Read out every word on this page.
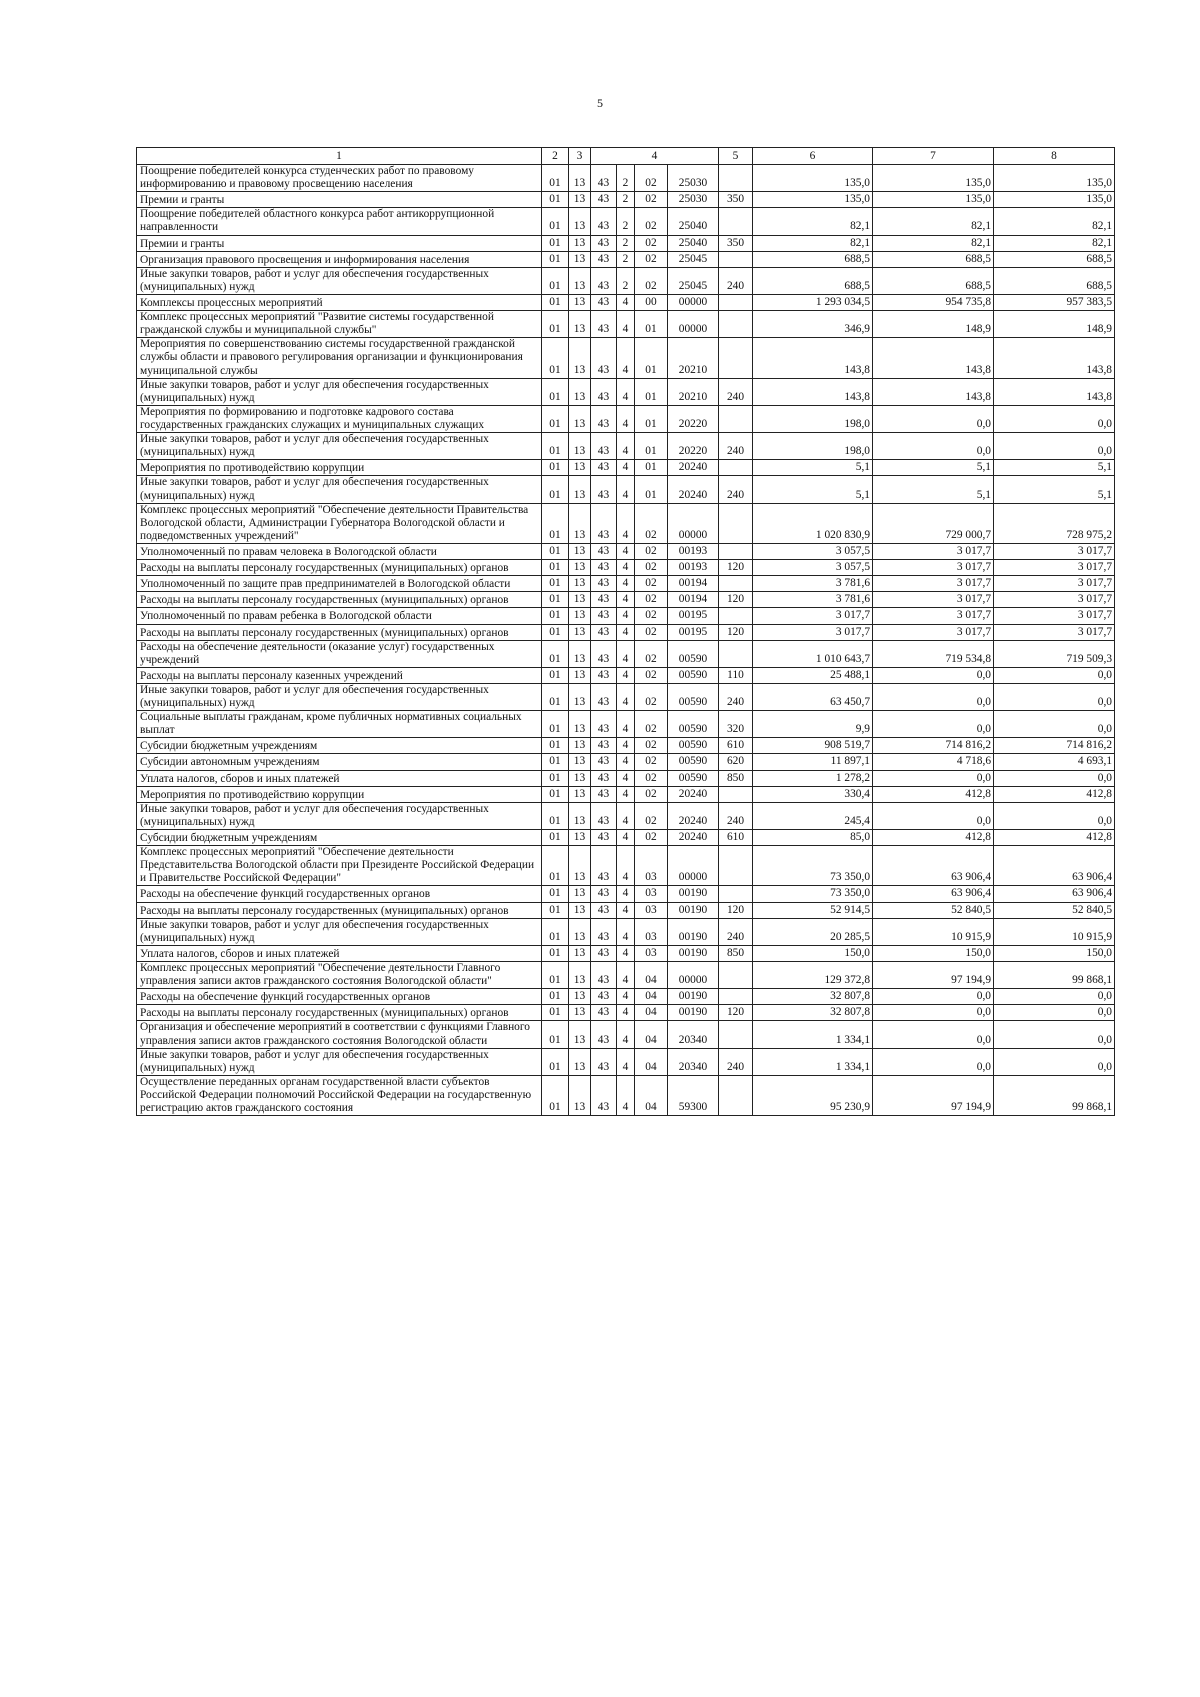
5
1	2	3	4				5	6	7	8
Поощрение победителей конкурса студенческих работ по правовому информированию и правовому просвещению населения	01	13	43	2	02	25030		135,0	135,0	135,0
Премии и гранты	01	13	43	2	02	25030	350	135,0	135,0	135,0
Поощрение победителей областного конкурса работ антикоррупционной направленности	01	13	43	2	02	25040		82,1	82,1	82,1
Премии и гранты	01	13	43	2	02	25040	350	82,1	82,1	82,1
Организация правового просвещения и информирования населения	01	13	43	2	02	25045		688,5	688,5	688,5
Иные закупки товаров, работ и услуг для обеспечения государственных (муниципальных) нужд	01	13	43	2	02	25045	240	688,5	688,5	688,5
Комплексы процессных мероприятий	01	13	43	4	00	00000		1 293 034,5	954 735,8	957 383,5
Комплекс процессных мероприятий "Развитие системы государственной гражданской службы и муниципальной службы"	01	13	43	4	01	00000		346,9	148,9	148,9
Мероприятия по совершенствованию системы государственной гражданской службы области и правового регулирования организации и функционирования муниципальной службы	01	13	43	4	01	20210		143,8	143,8	143,8
Иные закупки товаров, работ и услуг для обеспечения государственных (муниципальных) нужд	01	13	43	4	01	20210	240	143,8	143,8	143,8
Мероприятия по формированию и подготовке кадрового состава государственных гражданских служащих и муниципальных служащих	01	13	43	4	01	20220		198,0	0,0	0,0
Иные закупки товаров, работ и услуг для обеспечения государственных (муниципальных) нужд	01	13	43	4	01	20220	240	198,0	0,0	0,0
Мероприятия по противодействию коррупции	01	13	43	4	01	20240		5,1	5,1	5,1
Иные закупки товаров, работ и услуг для обеспечения государственных (муниципальных) нужд	01	13	43	4	01	20240	240	5,1	5,1	5,1
Комплекс процессных мероприятий "Обеспечение деятельности Правительства Вологодской области, Администрации Губернатора Вологодской области и подведомственных учреждений"	01	13	43	4	02	00000		1 020 830,9	729 000,7	728 975,2
Уполномоченный по правам человека в Вологодской области	01	13	43	4	02	00193		3 057,5	3 017,7	3 017,7
Расходы на выплаты персоналу государственных (муниципальных) органов	01	13	43	4	02	00193	120	3 057,5	3 017,7	3 017,7
Уполномоченный по защите прав предпринимателей в Вологодской области	01	13	43	4	02	00194		3 781,6	3 017,7	3 017,7
Расходы на выплаты персоналу государственных (муниципальных) органов	01	13	43	4	02	00194	120	3 781,6	3 017,7	3 017,7
Уполномоченный по правам ребенка в Вологодской области	01	13	43	4	02	00195		3 017,7	3 017,7	3 017,7
Расходы на выплаты персоналу государственных (муниципальных) органов	01	13	43	4	02	00195	120	3 017,7	3 017,7	3 017,7
Расходы на обеспечение деятельности (оказание услуг) государственных учреждений	01	13	43	4	02	00590		1 010 643,7	719 534,8	719 509,3
Расходы на выплаты персоналу казенных учреждений	01	13	43	4	02	00590	110	25 488,1	0,0	0,0
Иные закупки товаров, работ и услуг для обеспечения государственных (муниципальных) нужд	01	13	43	4	02	00590	240	63 450,7	0,0	0,0
Социальные выплаты гражданам, кроме публичных нормативных социальных выплат	01	13	43	4	02	00590	320	9,9	0,0	0,0
Субсидии бюджетным учреждениям	01	13	43	4	02	00590	610	908 519,7	714 816,2	714 816,2
Субсидии автономным учреждениям	01	13	43	4	02	00590	620	11 897,1	4 718,6	4 693,1
Уплата налогов, сборов и иных платежей	01	13	43	4	02	00590	850	1 278,2	0,0	0,0
Мероприятия по противодействию коррупции	01	13	43	4	02	20240		330,4	412,8	412,8
Иные закупки товаров, работ и услуг для обеспечения государственных (муниципальных) нужд	01	13	43	4	02	20240	240	245,4	0,0	0,0
Субсидии бюджетным учреждениям	01	13	43	4	02	20240	610	85,0	412,8	412,8
Комплекс процессных мероприятий "Обеспечение деятельности Представительства Вологодской области при Президенте Российской Федерации и Правительстве Российской Федерации"	01	13	43	4	03	00000		73 350,0	63 906,4	63 906,4
Расходы на обеспечение функций государственных органов	01	13	43	4	03	00190		73 350,0	63 906,4	63 906,4
Расходы на выплаты персоналу государственных (муниципальных) органов	01	13	43	4	03	00190	120	52 914,5	52 840,5	52 840,5
Иные закупки товаров, работ и услуг для обеспечения государственных (муниципальных) нужд	01	13	43	4	03	00190	240	20 285,5	10 915,9	10 915,9
Уплата налогов, сборов и иных платежей	01	13	43	4	03	00190	850	150,0	150,0	150,0
Комплекс процессных мероприятий "Обеспечение деятельности Главного управления записи актов гражданского состояния Вологодской области"	01	13	43	4	04	00000		129 372,8	97 194,9	99 868,1
Расходы на обеспечение функций государственных органов	01	13	43	4	04	00190		32 807,8	0,0	0,0
Расходы на выплаты персоналу государственных (муниципальных) органов	01	13	43	4	04	00190	120	32 807,8	0,0	0,0
Организация и обеспечение мероприятий в соответствии с функциями Главного управления записи актов гражданского состояния Вологодской области	01	13	43	4	04	20340		1 334,1	0,0	0,0
Иные закупки товаров, работ и услуг для обеспечения государственных (муниципальных) нужд	01	13	43	4	04	20340	240	1 334,1	0,0	0,0
Осуществление переданных органам государственной власти субъектов Российской Федерации полномочий Российской Федерации на государственную регистрацию актов гражданского состояния	01	13	43	4	04	59300		95 230,9	97 194,9	99 868,1
